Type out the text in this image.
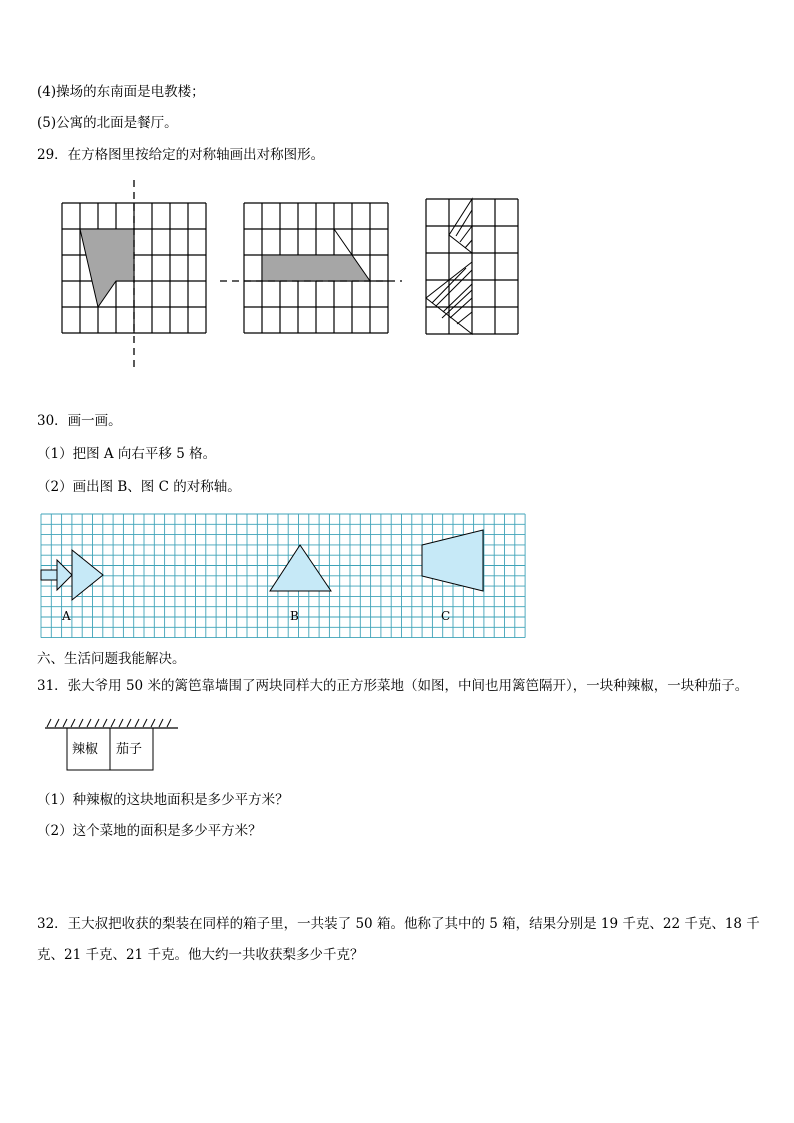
(4)操场的东南面是电教楼；
(5)公寓的北面是餐厅。
29．在方格图里按给定的对称轴画出对称图形。
30．画一画。
（1）把图 A 向右平移 5 格。
（2）画出图 B、图 C 的对称轴。
A	B	C
六、生活问题我能解决。
31．张大爷用 50 米的篱笆靠墙围了两块同样大的正方形菜地（如图，中间也用篱笆隔开），一块种辣椒，一块种茄子。
辣椒 茄子
（1）种辣椒的这块地面积是多少平方米？
（2）这个菜地的面积是多少平方米？
32．王大叔把收获的梨装在同样的箱子里，一共装了 50 箱。他称了其中的 5 箱，结果分别是 19 千克、22 千克、18 千
克、21 千克、21 千克。他大约一共收获梨多少千克？
